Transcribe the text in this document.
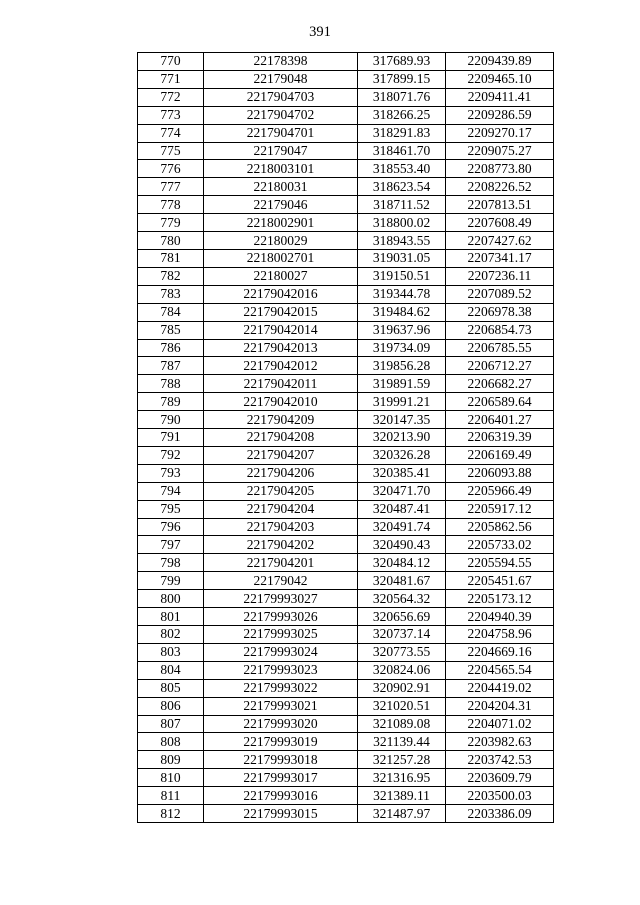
391
770	22178398	317689.93	2209439.89
771	22179048	317899.15	2209465.10
772	2217904703	318071.76	2209411.41
773	2217904702	318266.25	2209286.59
774	2217904701	318291.83	2209270.17
775	22179047	318461.70	2209075.27
776	2218003101	318553.40	2208773.80
777	22180031	318623.54	2208226.52
778	22179046	318711.52	2207813.51
779	2218002901	318800.02	2207608.49
780	22180029	318943.55	2207427.62
781	2218002701	319031.05	2207341.17
782	22180027	319150.51	2207236.11
783	22179042016	319344.78	2207089.52
784	22179042015	319484.62	2206978.38
785	22179042014	319637.96	2206854.73
786	22179042013	319734.09	2206785.55
787	22179042012	319856.28	2206712.27
788	22179042011	319891.59	2206682.27
789	22179042010	319991.21	2206589.64
790	2217904209	320147.35	2206401.27
791	2217904208	320213.90	2206319.39
792	2217904207	320326.28	2206169.49
793	2217904206	320385.41	2206093.88
794	2217904205	320471.70	2205966.49
795	2217904204	320487.41	2205917.12
796	2217904203	320491.74	2205862.56
797	2217904202	320490.43	2205733.02
798	2217904201	320484.12	2205594.55
799	22179042	320481.67	2205451.67
800	22179993027	320564.32	2205173.12
801	22179993026	320656.69	2204940.39
802	22179993025	320737.14	2204758.96
803	22179993024	320773.55	2204669.16
804	22179993023	320824.06	2204565.54
805	22179993022	320902.91	2204419.02
806	22179993021	321020.51	2204204.31
807	22179993020	321089.08	2204071.02
808	22179993019	321139.44	2203982.63
809	22179993018	321257.28	2203742.53
810	22179993017	321316.95	2203609.79
811	22179993016	321389.11	2203500.03
812	22179993015	321487.97	2203386.09
